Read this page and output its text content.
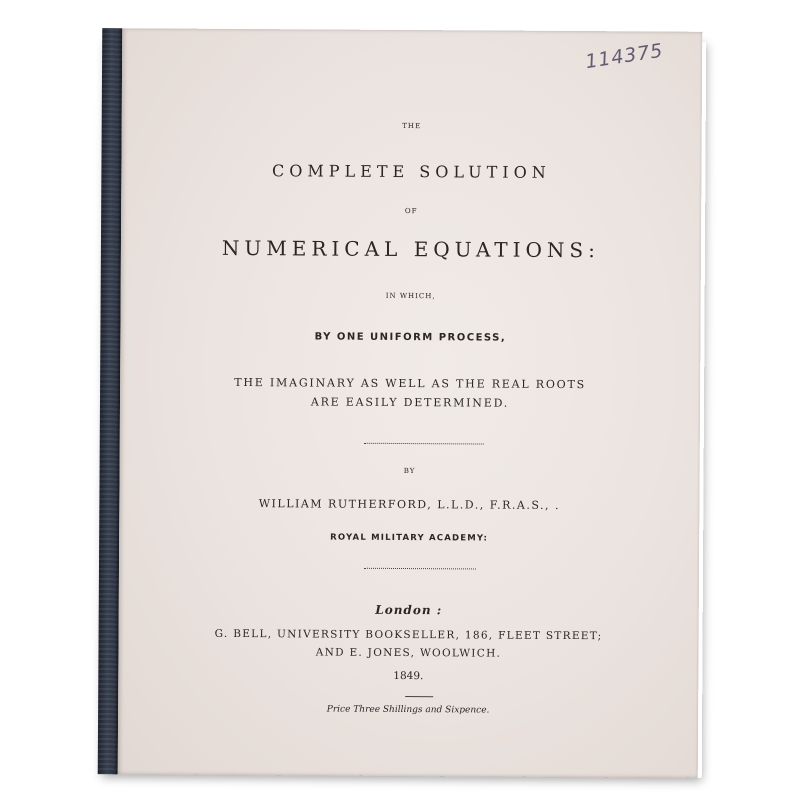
114375
THE
COMPLETE SOLUTION
OF
NUMERICAL EQUATIONS:
IN WHICH,
BY ONE UNIFORM PROCESS,
THE IMAGINARY AS WELL AS THE REAL ROOTS
ARE EASILY DETERMINED.
BY
WILLIAM RUTHERFORD, L.L.D., F.R.A.S., .
ROYAL MILITARY ACADEMY:
London :
G. BELL, UNIVERSITY BOOKSELLER, 186, FLEET STREET;
AND E. JONES, WOOLWICH.
1849.
Price Three Shillings and Sixpence.
